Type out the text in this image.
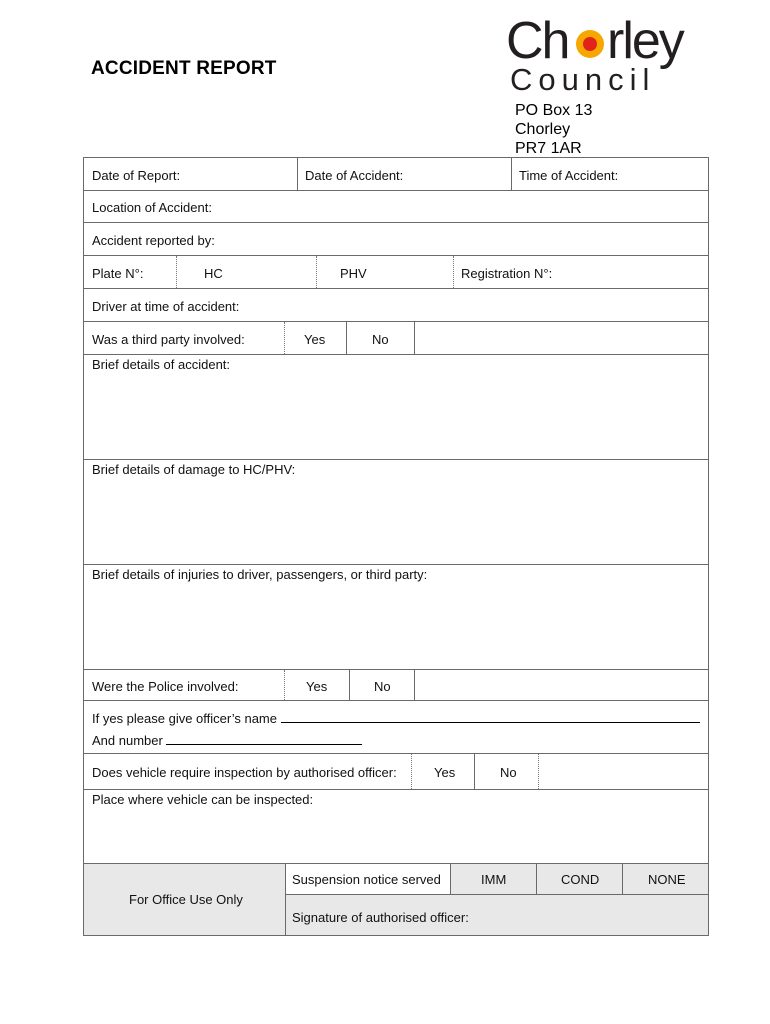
ACCIDENT REPORT	Ch rley
Council
PO Box 13
Chorley
PR7 1AR
Date of Report:	Date of Accident:	Time of Accident:
Location of Accident:
Accident reported by:
Plate N°:	HC	PHV	Registration N°:
Driver at time of accident:
Was a third party involved:	Yes	No
Brief details of accident:
Brief details of damage to HC/PHV:
Brief details of injuries to driver, passengers, or third party:
Were the Police involved:	Yes	No
If yes please give officer’s name
And number
Does vehicle require inspection by authorised officer:	Yes	No
Place where vehicle can be inspected:
For Office Use Only
Suspension notice served	IMM	COND	NONE
Signature of authorised officer:
